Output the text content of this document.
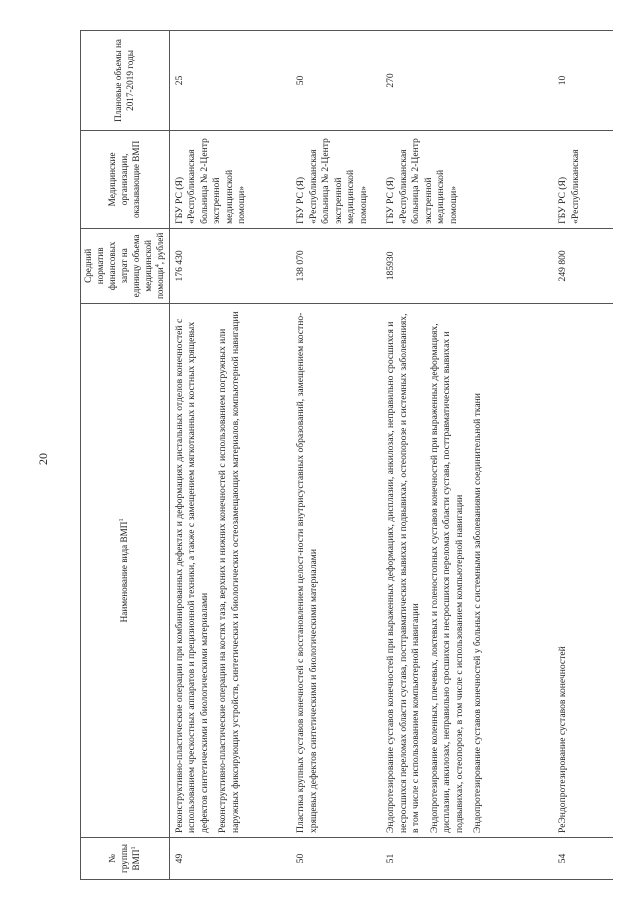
20
№ группы ВМП$^1$	Наименование вида ВМП$^1$	Средний норматив финансовых затрат на единицу объема медицинской помощи$^4$, рублей	Медицинские организации, оказывающие ВМП	Плановые объемы на 2017-2019 годы
49	Реконструктивно-пластические операции при комбинированных дефектах и деформациях дистальных отделов конечностей с использованием чрескостных аппаратов и прецизионной техники, а также с замещением мягкотканных и костных хрящевых дефектов синтетическими и биологическими материалами Реконструктивно-пластические операции на костях таза, верхних и нижних конечностей с использованием погружных или наружных фиксирующих устройств, синтетических и биологических остеозамещающих материалов, компьютерной навигации	176 430	ГБУ РС (Я) «Республиканская больница № 2-Центр экстренной медицинской помощи»	25
50	Пластика крупных суставов конечностей с восстановлением целост-ности внутрисуставных образований, замещением костно-хрящевых дефектов синтетическими и биологическими материалами	138 070	ГБУ РС (Я) «Республиканская больница № 2-Центр экстренной медицинской помощи»	50
51	Эндопротезирование суставов конечностей при выраженных деформациях, дисплазии, анкилозах, неправильно сросшихся и несросшихся переломах области сустава, посттравматических вывихах и подвывихах, остеопорозе и системных заболеваниях, в том числе с использованием компьютерной навигации Эндопротезирование коленных, плечевых, локтевых и голеностопных суставов конечностей при выраженных деформациях, дисплазии, анкилозах, неправильно сросшихся и несросшихся переломах области сустава, посттравматических вывихах и подвывихах, остеопорозе, в том числе с использованием компьютерной навигации Эндопротезирование суставов конечностей у больных с системными заболеваниями соединительной ткани	185930	ГБУ РС (Я) «Республиканская больница № 2-Центр экстренной медицинской помощи»	270
54	РеЭндопротезирование суставов конечностей	249 800	ГБУ РС (Я) «Республиканская	10
